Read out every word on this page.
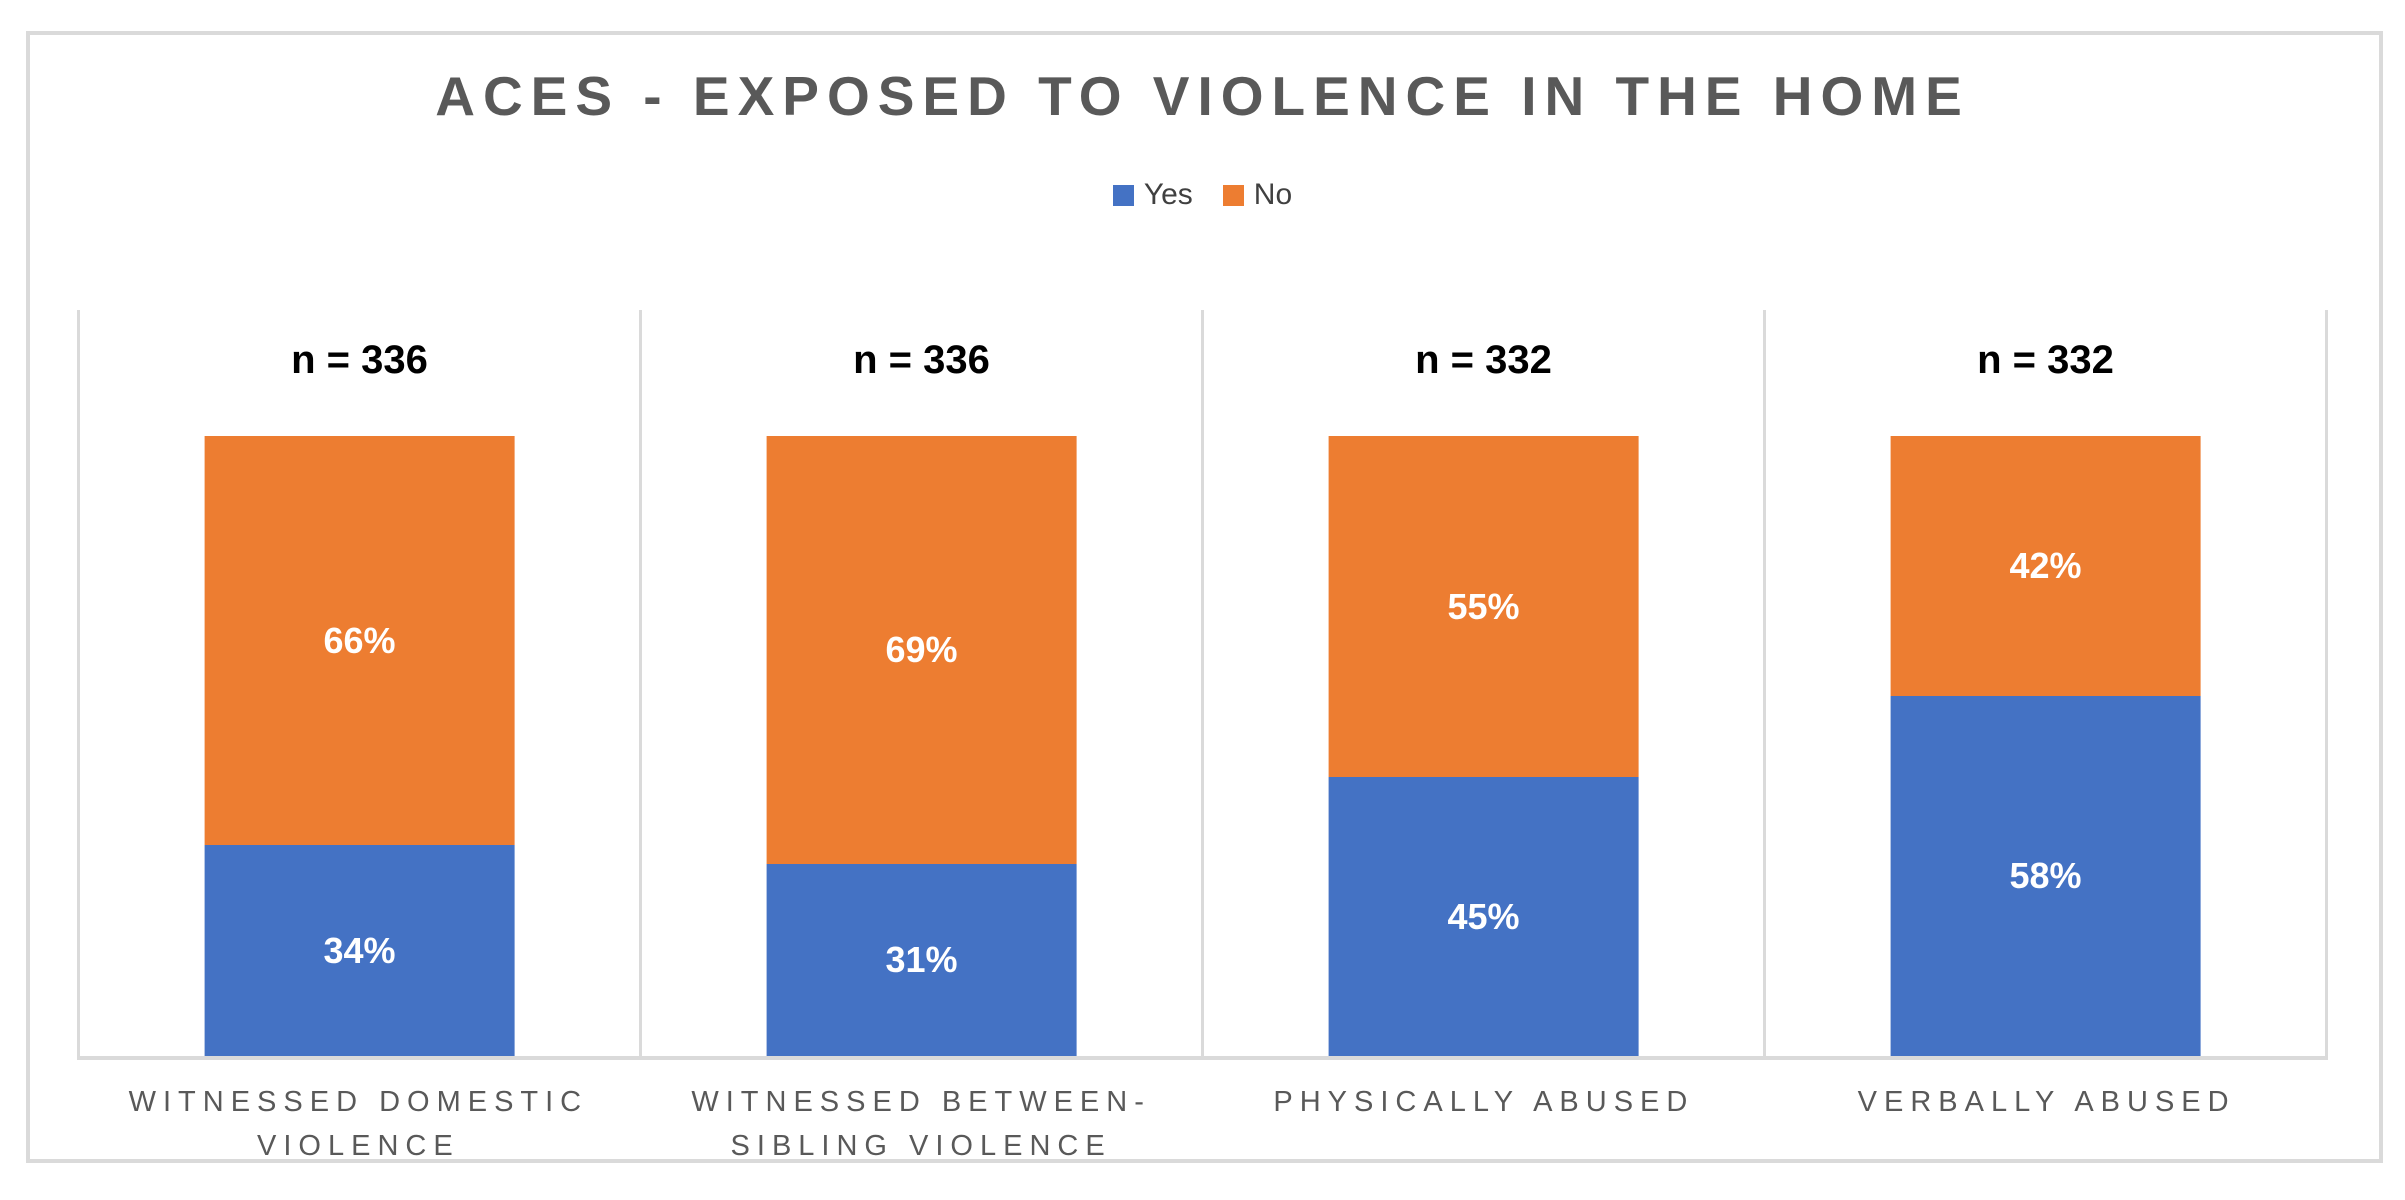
ACES - EXPOSED TO VIOLENCE IN THE HOME
Yes No
n = 336
66%
34%
n = 336
69%
31%
n = 332
55%
45%
n = 332
42%
58%
WITNESSED DOMESTIC VIOLENCE
WITNESSED BETWEEN-SIBLING VIOLENCE
PHYSICALLY ABUSED	VERBALLY ABUSED
